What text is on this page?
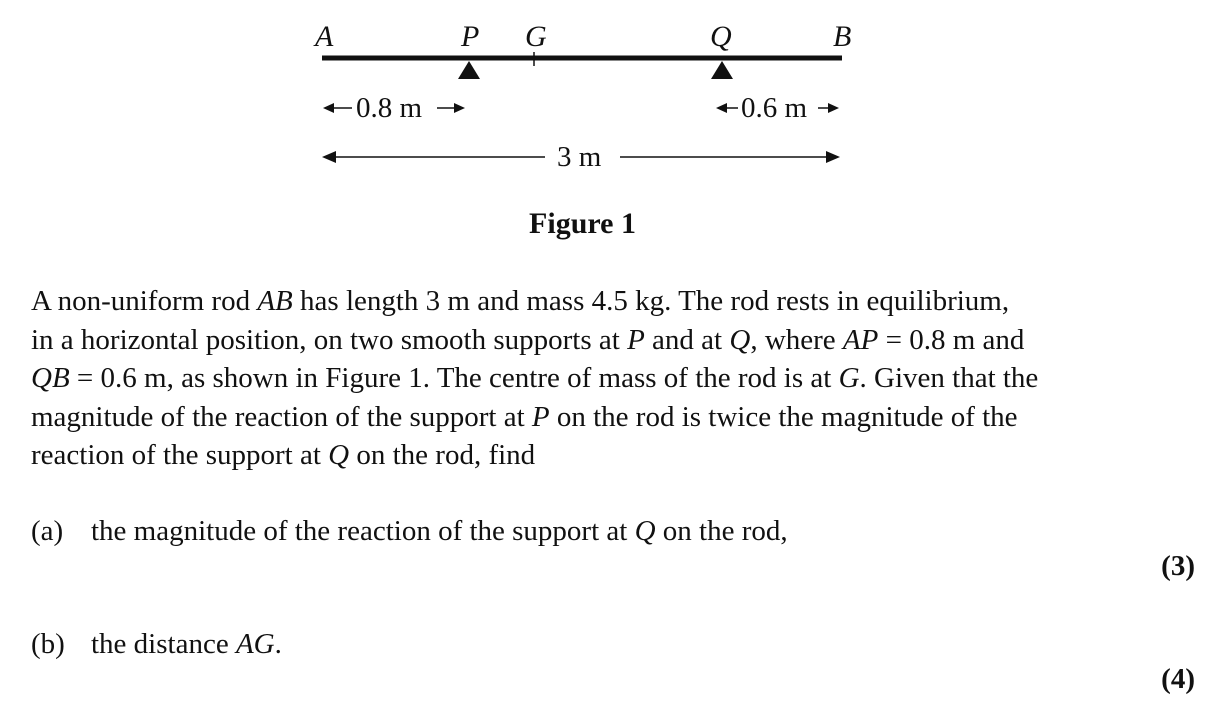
A	P G	Q	B
0.8 m	0.6 m
3 m
Figure 1
A non-uniform rod AB has length 3 m and mass 4.5 kg. The rod rests in equilibrium,
in a horizontal position, on two smooth supports at P and at Q, where AP = 0.8 m and
QB = 0.6 m, as shown in Figure 1. The centre of mass of the rod is at G. Given that the
magnitude of the reaction of the support at P on the rod is twice the magnitude of the
reaction of the support at Q on the rod, find
(a) the magnitude of the reaction of the support at Q on the rod,
(3)
(b) the distance AG.
(4)
